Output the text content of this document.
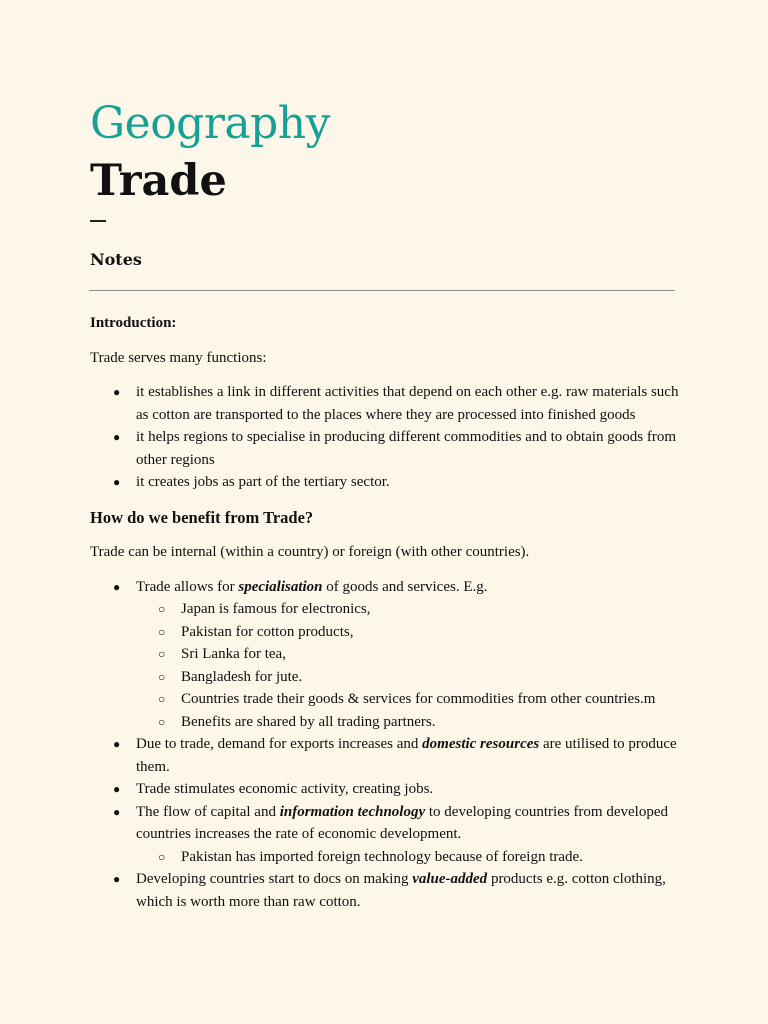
Geography
Trade
Notes

Introduction:

Trade serves many functions:

● it establishes a link in different activities that depend on each other e.g. raw materials such as cotton are transported to the places where they are processed into finished goods
● it helps regions to specialise in producing different commodities and to obtain goods from other regions
● it creates jobs as part of the tertiary sector.

How do we benefit from Trade?

Trade can be internal (within a country) or foreign (with other countries).

● Trade allows for specialisation of goods and services. E.g.
○ Japan is famous for electronics,
○ Pakistan for cotton products,
○ Sri Lanka for tea,
○ Bangladesh for jute.
○ Countries trade their goods & services for commodities from other countries.m
○ Benefits are shared by all trading partners.
● Due to trade, demand for exports increases and domestic resources are utilised to produce them.
● Trade stimulates economic activity, creating jobs.
● The flow of capital and information technology to developing countries from developed countries increases the rate of economic development.
○ Pakistan has imported foreign technology because of foreign trade.
● Developing countries start to docs on making value-added products e.g. cotton clothing, which is worth more than raw cotton.
